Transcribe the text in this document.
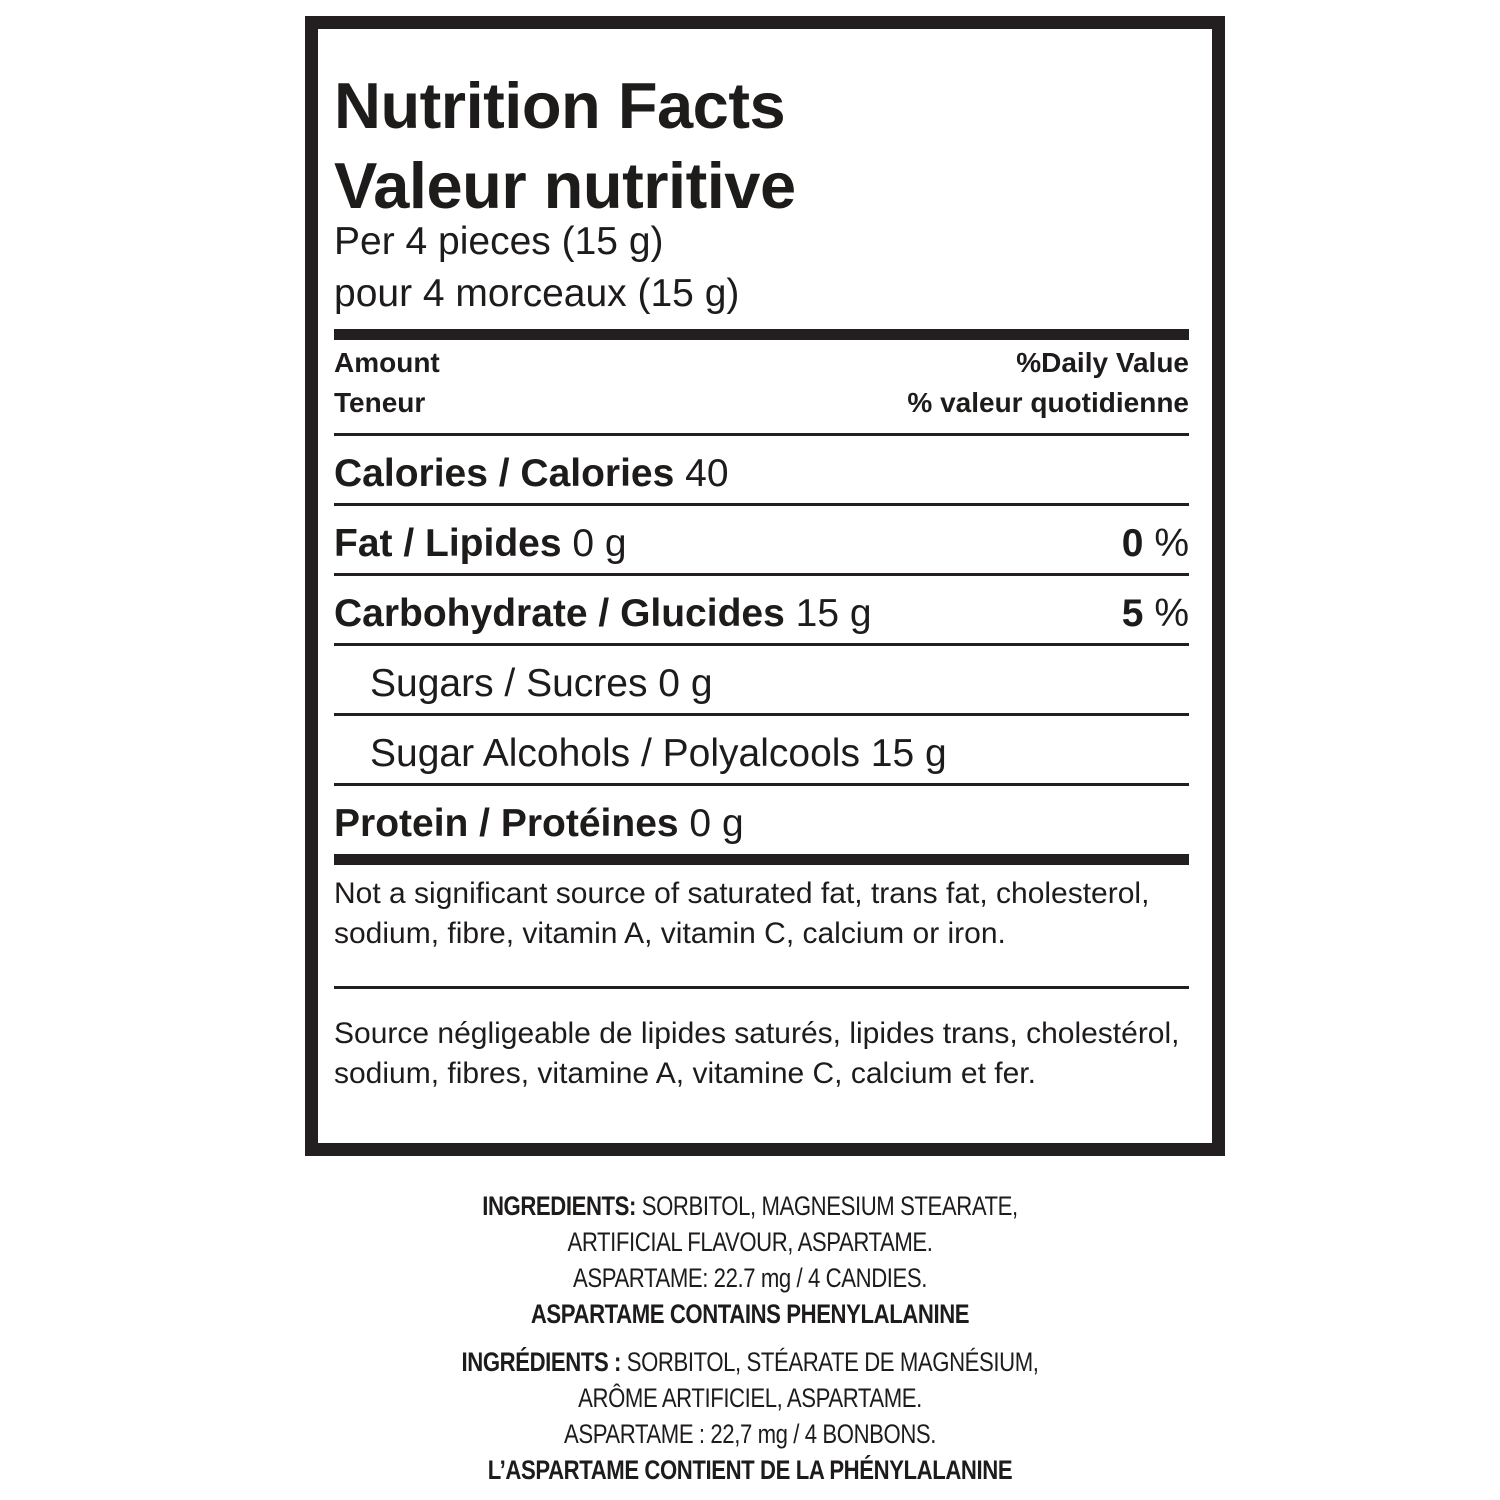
Nutrition Facts
Valeur nutritive
Per 4 pieces (15 g)
pour 4 morceaux (15 g)
Amount	%Daily Value
Teneur	% valeur quotidienne
Calories / Calories 40
Fat / Lipides 0 g	0 %
Carbohydrate / Glucides 15 g	5 %
Sugars / Sucres 0 g
Sugar Alcohols / Polyalcools 15 g
Protein / Protéines 0 g
Not a significant source of saturated fat, trans fat, cholesterol, sodium, fibre, vitamin A, vitamin C, calcium or iron.
Source négligeable de lipides saturés, lipides trans, cholestérol, sodium, fibres, vitamine A, vitamine C, calcium et fer.
INGREDIENTS: SORBITOL, MAGNESIUM STEARATE,
ARTIFICIAL FLAVOUR, ASPARTAME.
ASPARTAME: 22.7 mg / 4 CANDIES.
ASPARTAME CONTAINS PHENYLALANINE
INGRÉDIENTS : SORBITOL, STÉARATE DE MAGNÉSIUM,
ARÔME ARTIFICIEL, ASPARTAME.
ASPARTAME : 22,7 mg / 4 BONBONS.
L’ASPARTAME CONTIENT DE LA PHÉNYLALANINE
